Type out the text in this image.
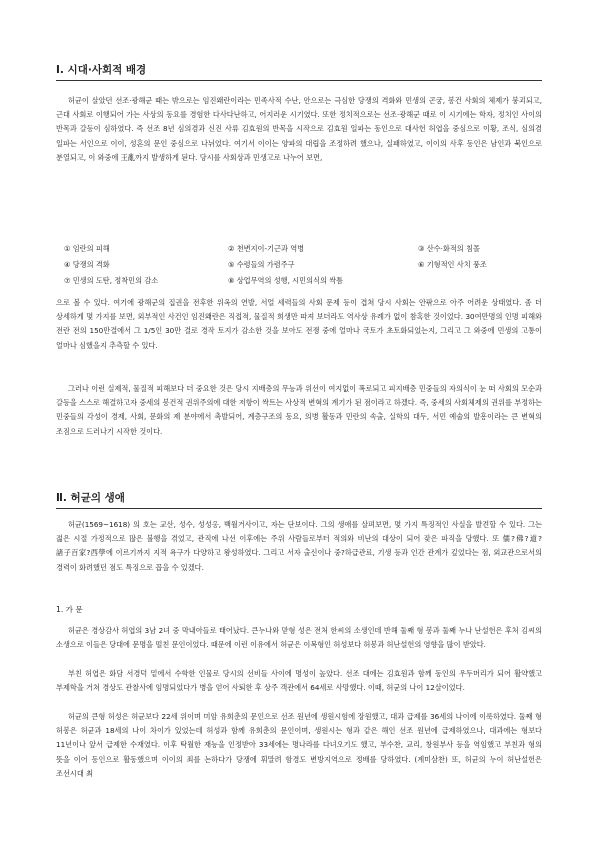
Ⅰ. 시대·사회적 배경

허균이 살았던 선조·광해군 때는 밖으로는 임진왜란이라는 민족사적 수난, 안으로는 극심한 당쟁의 격화와 민생의 곤궁, 봉건 사회의 체제가 붕괴되고, 근대 사회로 이행되어 가는 사상의 동요를 경험한 다사다난하고, 어지러운 시기였다. 또한 정치적으로는 선조·광해군 때로 이 시기에는 학자, 정치인 사이의 반목과 갈등이 심하였다. 즉 선조 8년 심의겸과 신진 사류 김효원의 반목을 시작으로 김효원 일파는 동인으로 대사헌 허엽을 중심으로 이황, 조식, 심의겸 일파는 서인으로 이이, 성혼의 문인 중심으로 나뉘었다. 여기서 이이는 양파의 대립을 조정하려 했으나, 실패하였고, 이이의 사후 동인은 남인과 북인으로 분열되고, 이 와중에 王亂까지 발생하게 된다. 당시를 사회상과 민생고로 나누어 보면,

① 임란의 피해	② 천변지이-기근과 역병	③ 산수·화적의 침몰
④ 당쟁의 격화	⑤ 수령들의 가렴주구	⑥ 기형적인 사치 풍조
⑦ 민생의 도탄, 정착민의 감소	⑧ 상업무역의 성행, 시민의식의 싹틈

으로 볼 수 있다. 여기에 광해군의 집권을 전후한 위옥의 연발, 서얼 세력들의 사회 문제 등이 겹쳐 당시 사회는 안팎으로 아주 어려운 상태였다. 좀 더 상세하게 몇 가지를 보면, 외부적인 사건인 임진왜란은 직접적, 물질적 희생만 따져 보더라도 역사상 유례가 없이 참혹한 것이었다. 30여만명의 인명 피해와 전란 전의 150만결에서 그 1/5인 30만 결로 경작 토지가 감소한 것을 보아도 전쟁 중에 얼마나 국토가 초토화되었는지, 그리고 그 와중에 민생의 고통이 얼마나 심했을지 추측할 수 있다.

그러나 이런 실제적, 물질적 피해보다 더 중요한 것은 당시 지배층의 무능과 위선이 여지없이 폭로되고 피지배층 민중들의 자의식이 눈 떠 사회의 모순과 갈등을 스스로 해결하고자 중세의 봉건적 권위주의에 대한 저항이 싹트는 사상적 변혁의 계기가 된 점이라고 하겠다. 즉, 중세의 사회체제의 권위를 부정하는 민중들의 각성이 경제, 사회, 문화의 제 분야에서 촉발되어, 계층구조의 동요, 의병 활동과 민란의 속출, 실학의 대두, 서민 예술의 발흥이라는 큰 변혁의 조짐으로 드러나기 시작한 것이다.

Ⅱ. 허균의 생애

허균(1569~1618) 의 호는 교산, 성수, 성성옹, 백월거사이고, 자는 단보이다. 그의 생애를 살펴보면, 몇 가지 특징적인 사실을 발견할 수 있다. 그는 젊은 시절 가정적으로 많은 불행을 겪었고, 관직에 나선 이후에는 주위 사람들로부터 적의와 비난의 대상이 되어 잦은 파직을 당했다. 또 儒?佛?道?諸子百家?西學에 이르기까지 지적 욕구가 다양하고 왕성하였다. 그리고 서자 출신이나 중?하급관료, 기생 등과 인간 관계가 깊었다는 점, 외교관으로서의 경력이 화려했던 점도 특징으로 꼽을 수 있겠다.

1. 가 문

허균은 경상감사 허엽의 3남 2녀 중 막내아들로 태어났다. 큰누나와 맏형 성은 전처 한씨의 소생인데 반해 둘째 형 봉과 둘째 누나 난설헌은 후처 김씨의 소생으로 이들은 당대에 문명을 떨친 문인이었다. 때문에 이런 이유에서 허균은 이복형인 허성보다 허봉과 허난설헌의 영향을 많이 받았다.

부친 허엽은 화담 서경덕 밑에서 수학한 인물로 당시의 선비들 사이에 명성이 높았다. 선조 대에는 김효원과 함께 동인의 우두머리가 되어 활약했고 부제학을 거쳐 경상도 관찰사에 임명되었다가 병을 얻어 사퇴한 후 상주 객관에서 64세로 사망했다. 이때, 허균의 나이 12살이었다.

허균의 큰형 허성은 허균보다 22세 위이며 미암 유희춘의 문인으로 선조 원년에 생원시험에 장원했고, 대과 급제를 36세의 나이에 이룩하였다. 둘째 형 허봉은 허균과 18세의 나이 차이가 있었는데 허성과 함께 유희춘의 문인이며, 생원시는 형과 같은 해인 선조 원년에 급제하였으나, 대과에는 형보다 11년이나 앞서 급제한 수재였다. 이후 탁월한 재능을 인정받아 33세에는 명나라를 다녀오기도 했고, 부수찬, 교리, 창원부사 등을 역임했고 부친과 형의 뜻을 이어 동인으로 활동했으며 이이의 죄를 논하다가 당쟁에 휘말려 함경도 변방지역으로 정배를 당하였다. (계미삼찬) 또, 허균의 누이 허난설헌은 조선시대 최
